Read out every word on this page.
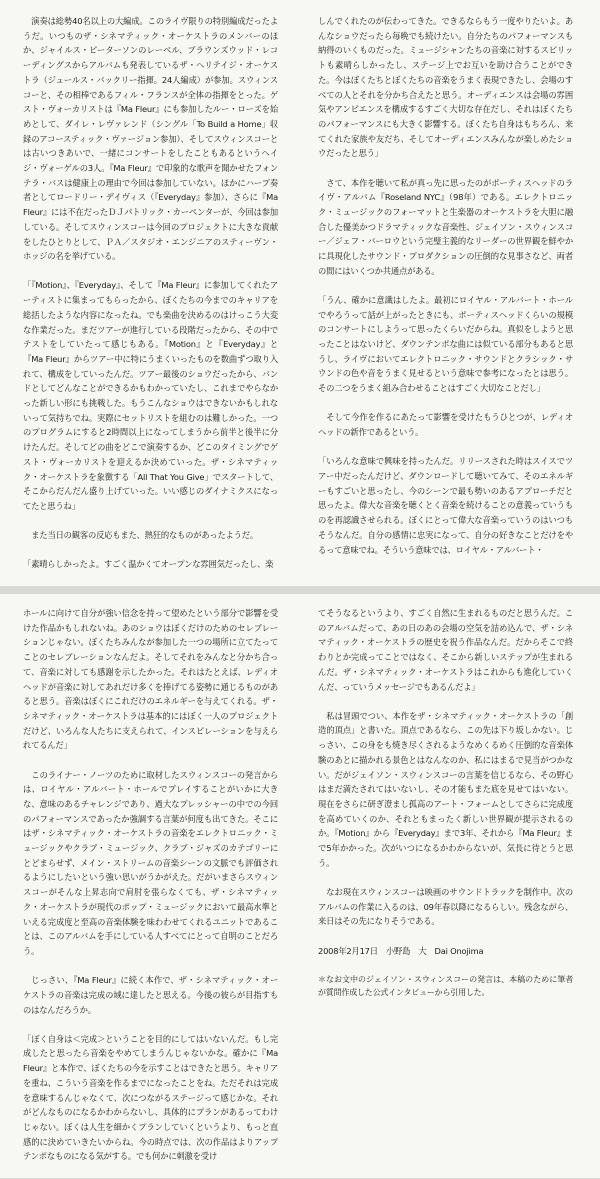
演奏は総勢40名以上の大編成。このライヴ限りの特別編成だったようだ。いつものザ・シネマティック・オーケストラのメンバーのほか、ジャイルス・ピーターソンのレーベル、ブラウンズウッド・レコーディングスからアルバムも発表しているザ・ヘリテイジ・オーケストラ（ジュールス・バックリー指揮。24人編成）が参加。スウィンスコーと、その相棒であるフィル・フランスが全体の指揮をとった。ゲスト・ヴォーカリストは『Ma Fleur』にも参加したルー・ローズを始めとして、ダイレ・レヴァレンド（シングル「To Build a Home」収録のアコースティック・ヴァージョン参加）、そしてスウィンスコーとは古いつきあいで、一緒にコンサートをしたこともあるというヘイジ・ヴォーゲルの3人。『Ma Fleur』で印象的な歌声を聞かせたフォンテラ・バスは健康上の理由で今回は参加していない。ほかにハープ奏者としてロードリー・デイヴィス（『Everyday』参加）、さらに『Ma Fleur』には不在だったＤＪパトリック・カーペンターが、今回は参加している。そしてスウィンスコーは今回のプロジェクトに大きな貢献をしたひとりとして、ＰＡ／スタジオ・エンジニアのスティーヴン・ホッジの名を挙げている。

「『Motion』、『Everyday』、そして『Ma Fleur』に参加してくれたアーティストに集まってもらったから、ぼくたちの今までのキャリアを総括したような内容になったね。でも楽曲を決めるのはけっこう大変な作業だった。まだツアーが進行している段階だったから、その中でテストをしていたって感じもある。『Motion』と『Everyday』と『Ma Fleur』からツアー中に特にうまくいったものを数曲ずつ取り入れて、構成をしていったんだ。ツアー最後のショウだったから、バンドとしてどんなことができるかもわかっていたし、これまでやらなかった新しい形にも挑戦した。もうこんなショウはできないかもしれないって気持ちでね。実際にセットリストを組むのは難しかった。一つのプログラムにすると2時間以上になってしまうから前半と後半に分けたんだ。そしてどの曲をどこで演奏するか、どこのタイミングでゲスト・ヴォーカリストを迎えるか決めていった。ザ・シネマティック・オーケストラを象徴する「All That You Give」でスタートして、そこからだんだん盛り上げていった。いい感じのダイナミクスになってたと思うね」

また当日の観客の反応もまた、熱狂的なものがあったようだ。

「素晴らしかったよ。すごく温かくてオープンな雰囲気だったし、楽

しんでくれたのが伝わってきた。できるならもう一度やりたいよ。あんなショウだったら毎晩でも続けたい。自分たちのパフォーマンスも納得のいくものだった。ミュージシャンたちの音楽に対するスピリットも素晴らしかったし、ステージ上でお互いを助け合うことができた。今はぼくたちとぼくたちの音楽をうまく表現できたし、会場のすべての人とそれを分かち合えたと思う。オーディエンスは会場の雰囲気やアンビエンスを構成するすごく大切な存在だし、それはぼくたちのパフォーマンスにも大きく影響する。ぼくたち自身はもちろん、来てくれた家族や友だち、そしてオーディエンスみんなが楽しめたショウだったと思う」

さて、本作を聴いて私が真っ先に思ったのがポーティスヘッドのライヴ・アルバム『Roseland NYC』（98年）である。エレクトロニック・ミュージックのフォーマットと生楽器のオーケストラを大胆に融合した優美かつドラマティックな音楽性、ジェイソン・スウィンスコー／ジェフ・バーロウという完璧主義的なリーダーの世界観を鮮やかに具現化したサウンド・プロダクションの圧倒的な見事さなど、両者の間にはいくつか共通点がある。

「うん、確かに意識はしたよ。最初にロイヤル・アルバート・ホールでやろうって話が上がったときにも、ポーティスヘッドくらいの規模のコンサートにしようって思ったくらいだからね。真似をしようと思ったことはないけど、ダウンテンポな曲には似ている部分もあると思うし、ライヴにおいてエレクトロニック・サウンドとクラシック・サウンドの色や音をうまく見せるという意味で参考になったとは思う。その二つをうまく組み合わせることはすごく大切なことだし」

そして今作を作るにあたって影響を受けたもうひとつが、レディオヘッドの新作であるという。

「いろんな意味で興味を持ったんだ。リリースされた時はスイスでツアー中だったんだけど、ダウンロードして聴いてみて、そのエネルギーもすごいと思ったし、今のシーンで最も勢いのあるアプローチだと思ったよ。偉大な音楽を聴くとく音楽を続けることの意義っていうものを再認識させられる。ぼくにとって偉大な音楽っていうのはいつもそうなんだ。自分の感情に忠実になって、自分の好きなことだけをやるって意味でね。そういう意味では、ロイヤル・アルバート・

ホールに向けて自分が強い信念を持って望めたという部分で影響を受けた作品かもしれないね。あのショウはぼくだけのためのセレブレーションじゃない。ぼくたちみんなが参加した一つの場所に立てたってことのセレブレーションなんだよ。そしてそれをみんなと分かち合って、音楽に対しても感謝を示したかった。それはたとえば、レディオヘッドが音楽に対してあれだけ多くを捧げてる姿勢に通じるものがあると思う。音楽はぼくにこれだけのエネルギーを与えてくれる。ザ・シネマティック・オーケストラは基本的にはぼく一人のプロジェクトだけど、いろんな人たちに支えられて、インスピレーションを与えられてるんだ」

このライナー・ノーツのために取材したスウィンスコーの発言からは、ロイヤル・アルバート・ホールでプレイすることがいかに大きな、意味のあるチャレンジであり、過大なプレッシャーの中での今回のパフォーマンスであったか強調する言葉が何度も出てきた。そこにはザ・シネマティック・オーケストラの音楽をエレクトロニック・ミュージックやクラブ・ミュージック、クラブ・ジャズのカテゴリーにとどまらせず、メイン・ストリームの音楽シーンの文脈でも評価されるようにしたいという強い思いがうかがえた。だがいまさらスウィンスコーがそんな上昇志向で肩肘を張らなくても、ザ・シネマティック・オーケストラが現代のポップ・ミュージックにおいて最高水準といえる完成度と至高の音楽体験を味わわせてくれるユニットであることは、このアルバムを手にしている人すべてにとって自明のことだろう。

じっさい、『Ma Fleur』に続く本作で、ザ・シネマティック・オーケストラの音楽は完成の域に達したと思える。今後の彼らが目指すものはなんだろうか。

「ぼく自身は＜完成＞ということを目的にしてはいないんだ。もし完成したと思ったら音楽をやめてしまうんじゃないかな。確かに『Ma Fleur』と本作で、ぼくたちの今を示すことはできたと思う。キャリアを重ね、こういう音楽を作るまでになったことをね。ただそれは完成を意味するんじゃなくて、次につながるステージって感じかな。それがどんなものになるかわからないし、具体的にプランがあるってわけじゃない。ぼくは人生を細かくプランしていくというより、もっと直感的に決めていきたいからね。今の時点では、次の作品はよりアップテンポなものになる気がする。でも何かに刺激を受け

てそうなるというより、すごく自然に生まれるものだと思うんだ。このアルバムだって、あの日のあの会場の空気を詰め込んで、ザ・シネマティック・オーケストラの歴史を祝う作品なんだ。だからそこで終わりとか完成ってことではなく、そこから新しいステップが生まれるんだ。ザ・シネマティック・オーケストラはこれからも進化していくんだ、っていうメッセージでもあるんだよ」

私は冒頭でつい、本作をザ・シネマティック・オーケストラの「創造的頂点」と書いた。頂点であるなら、この先は下り坂しかない。じっさい、この身をも焼き尽くされるようなめくるめく圧倒的な音楽体験のあとに描かれる景色とはなんなのか、私にはまるで見当がつかない。だがジェイソン・スウィンスコーの言葉を信じるなら、その野心はまだ満たされてはいないし、その才能もまた底を見せてはいない。現在をさらに研ぎ澄まし孤高のアート・フォームとしてさらに完成度を高めていくのか、それともまったく新しい世界観が提示されるのか。『Motion』から『Everyday』まで3年、それから『Ma Fleur』まで5年かかった。次がいつになるかわからないが、気長に待とうと思う。

なお現在スウィンスコーは映画のサウンドトラックを制作中。次のアルバムの作業に入るのは、09年春以降になるらしい。残念ながら、来日はその先になりそうである。

2008年2月17日　小野島　大　Dai Onojima

＊なお文中のジェイソン・スウィンスコーの発言は、本稿のために筆者が質問作成した公式インタビューから引用した。
